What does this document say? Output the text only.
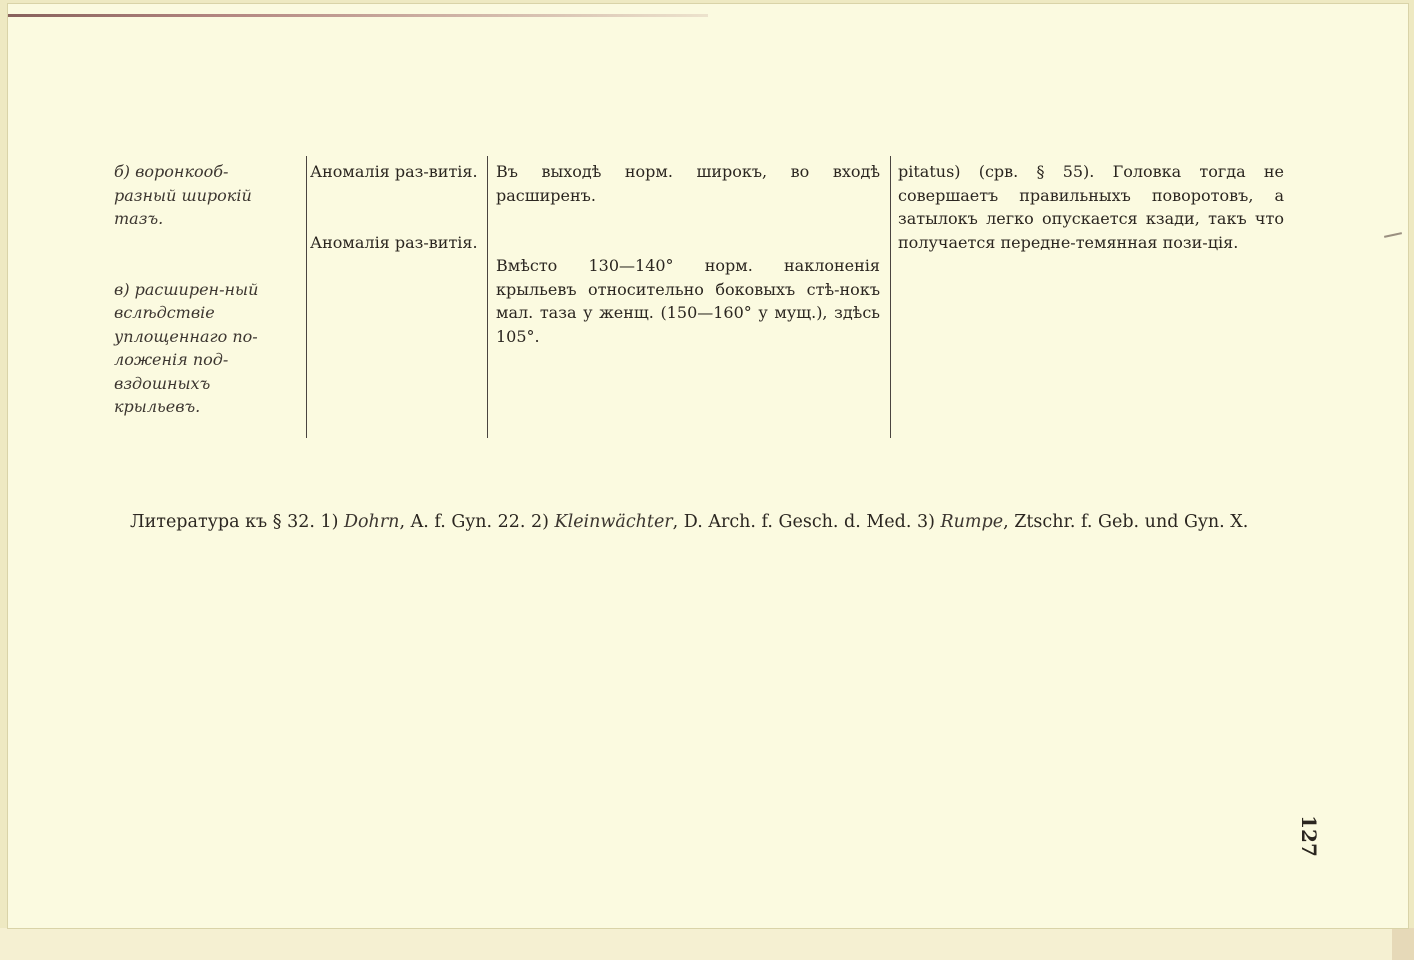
б) воронкооб-разный широкій тазъ.

в) расширен-ный вслѣдствіе уплощеннаго по-ложенія под-вздошныхъ крыльевъ.

Аномалія раз-витія.

Аномалія раз-витія.

Въ выходѣ норм. широкъ, во входѣ расширенъ.

Вмѣсто 130—140° норм. наклоненія крыльевъ относительно боковыхъ стѣ-нокъ мал. таза у женщ. (150—160° у мущ.), здѣсь 105°.

pitatus) (срв. § 55). Головка тогда не совершаетъ правильныхъ поворотовъ, а затылокъ легко опускается кзади, такъ что получается передне-темянная пози-ція.

Литература къ § 32. 1) Dohrn, A. f. Gyn. 22. 2) Kleinwächter, D. Arch. f. Gesch. d. Med. 3) Rumpe, Ztschr. f. Geb. und Gyn. X.
127
